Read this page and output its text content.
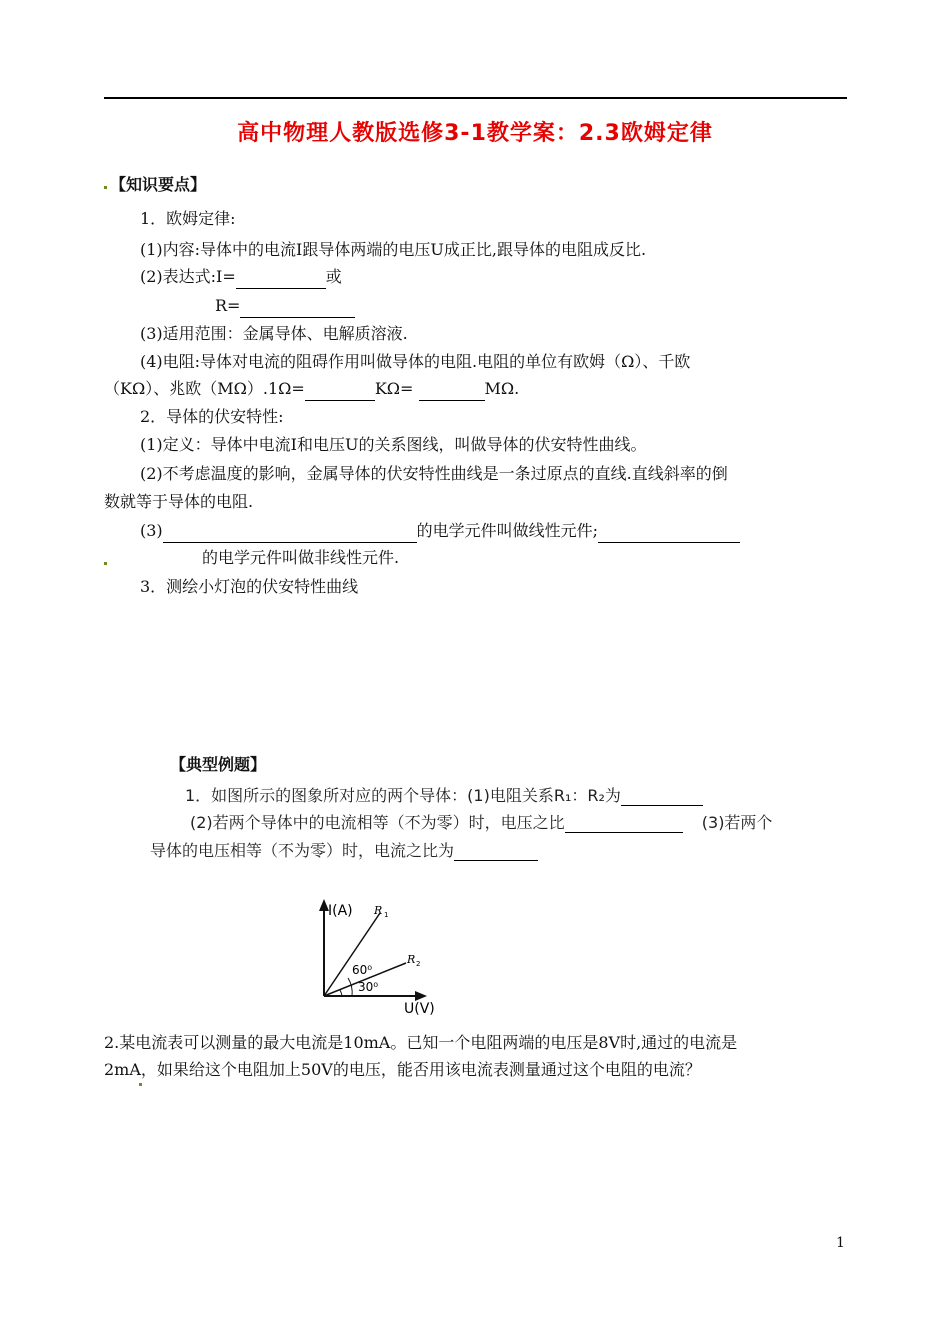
高中物理人教版选修3-1教学案：2.3欧姆定律
【知识要点】
1．欧姆定律:
(1)内容:导体中的电流I跟导体两端的电压U成正比,跟导体的电阻成反比.
(2)表达式:I=	或
R=
(3)适用范围：金属导体、电解质溶液.
(4)电阻:导体对电流的阻碍作用叫做导体的电阻.电阻的单位有欧姆（Ω）、千欧
（KΩ）、兆欧（MΩ）.1Ω=	KΩ=	MΩ.
2．导体的伏安特性:
(1)定义：导体中电流I和电压U的关系图线，叫做导体的伏安特性曲线。
(2)不考虑温度的影响，金属导体的伏安特性曲线是一条过原点的直线.直线斜率的倒
数就等于导体的电阻.
(3)	的电学元件叫做线性元件;
的电学元件叫做非线性元件.
3．测绘小灯泡的伏安特性曲线
【典型例题】
1．如图所示的图象所对应的两个导体：(1)电阻关系R₁：R₂为
(2)若两个导体中的电流相等（不为零）时，电压之比	(3)若两个
导体的电压相等（不为零）时，电流之比为
I(A)
U(V)
R 1
R 2
60⁰
30⁰
2.某电流表可以测量的最大电流是10mA。已知一个电阻两端的电压是8V时,通过的电流是
2mA，如果给这个电阻加上50V的电压，能否用该电流表测量通过这个电阻的电流？
1
